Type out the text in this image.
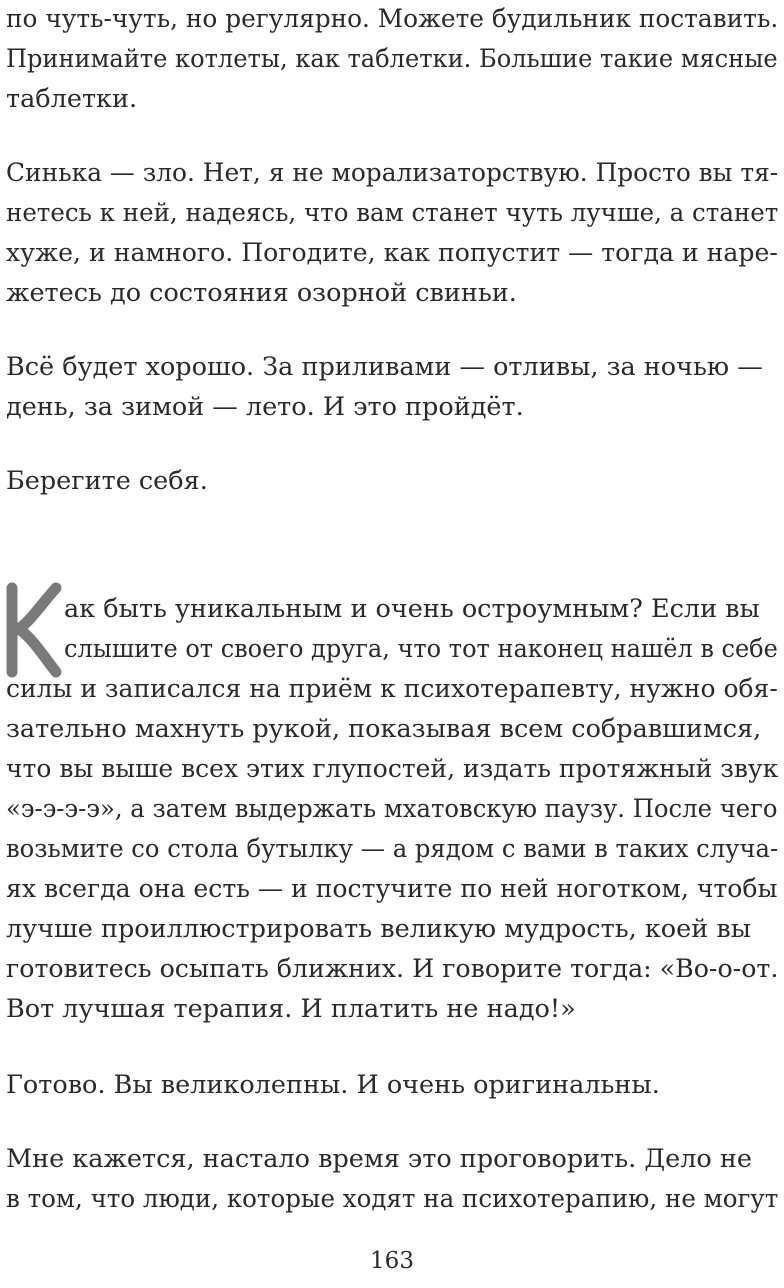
по чуть-чуть, но регулярно. Можете будильник поставить.
Принимайте котлеты, как таблетки. Большие такие мясные
таблетки.
Синька — зло. Нет, я не морализаторствую. Просто вы тя-
нетесь к ней, надеясь, что вам станет чуть лучше, а станет
хуже, и намного. Погодите, как попустит — тогда и наре-
жетесь до состояния озорной свиньи.
Всё будет хорошо. За приливами — отливы, за ночью —
день, за зимой — лето. И это пройдёт.
Берегите себя.
ак быть уникальным и очень остроумным? Если вы
слышите от своего друга, что тот наконец нашёл в себе
силы и записался на приём к психотерапевту, нужно обя-
зательно махнуть рукой, показывая всем собравшимся,
что вы выше всех этих глупостей, издать протяжный звук
«э-э-э-э», а затем выдержать мхатовскую паузу. После чего
возьмите со стола бутылку — а рядом с вами в таких случа-
ях всегда она есть — и постучите по ней ноготком, чтобы
лучше проиллюстрировать великую мудрость, коей вы
готовитесь осыпать ближних. И говорите тогда: «Во-о-от.
Вот лучшая терапия. И платить не надо!»
Готово. Вы великолепны. И очень оригинальны.
Мне кажется, настало время это проговорить. Дело не
в том, что люди, которые ходят на психотерапию, не могут
163
